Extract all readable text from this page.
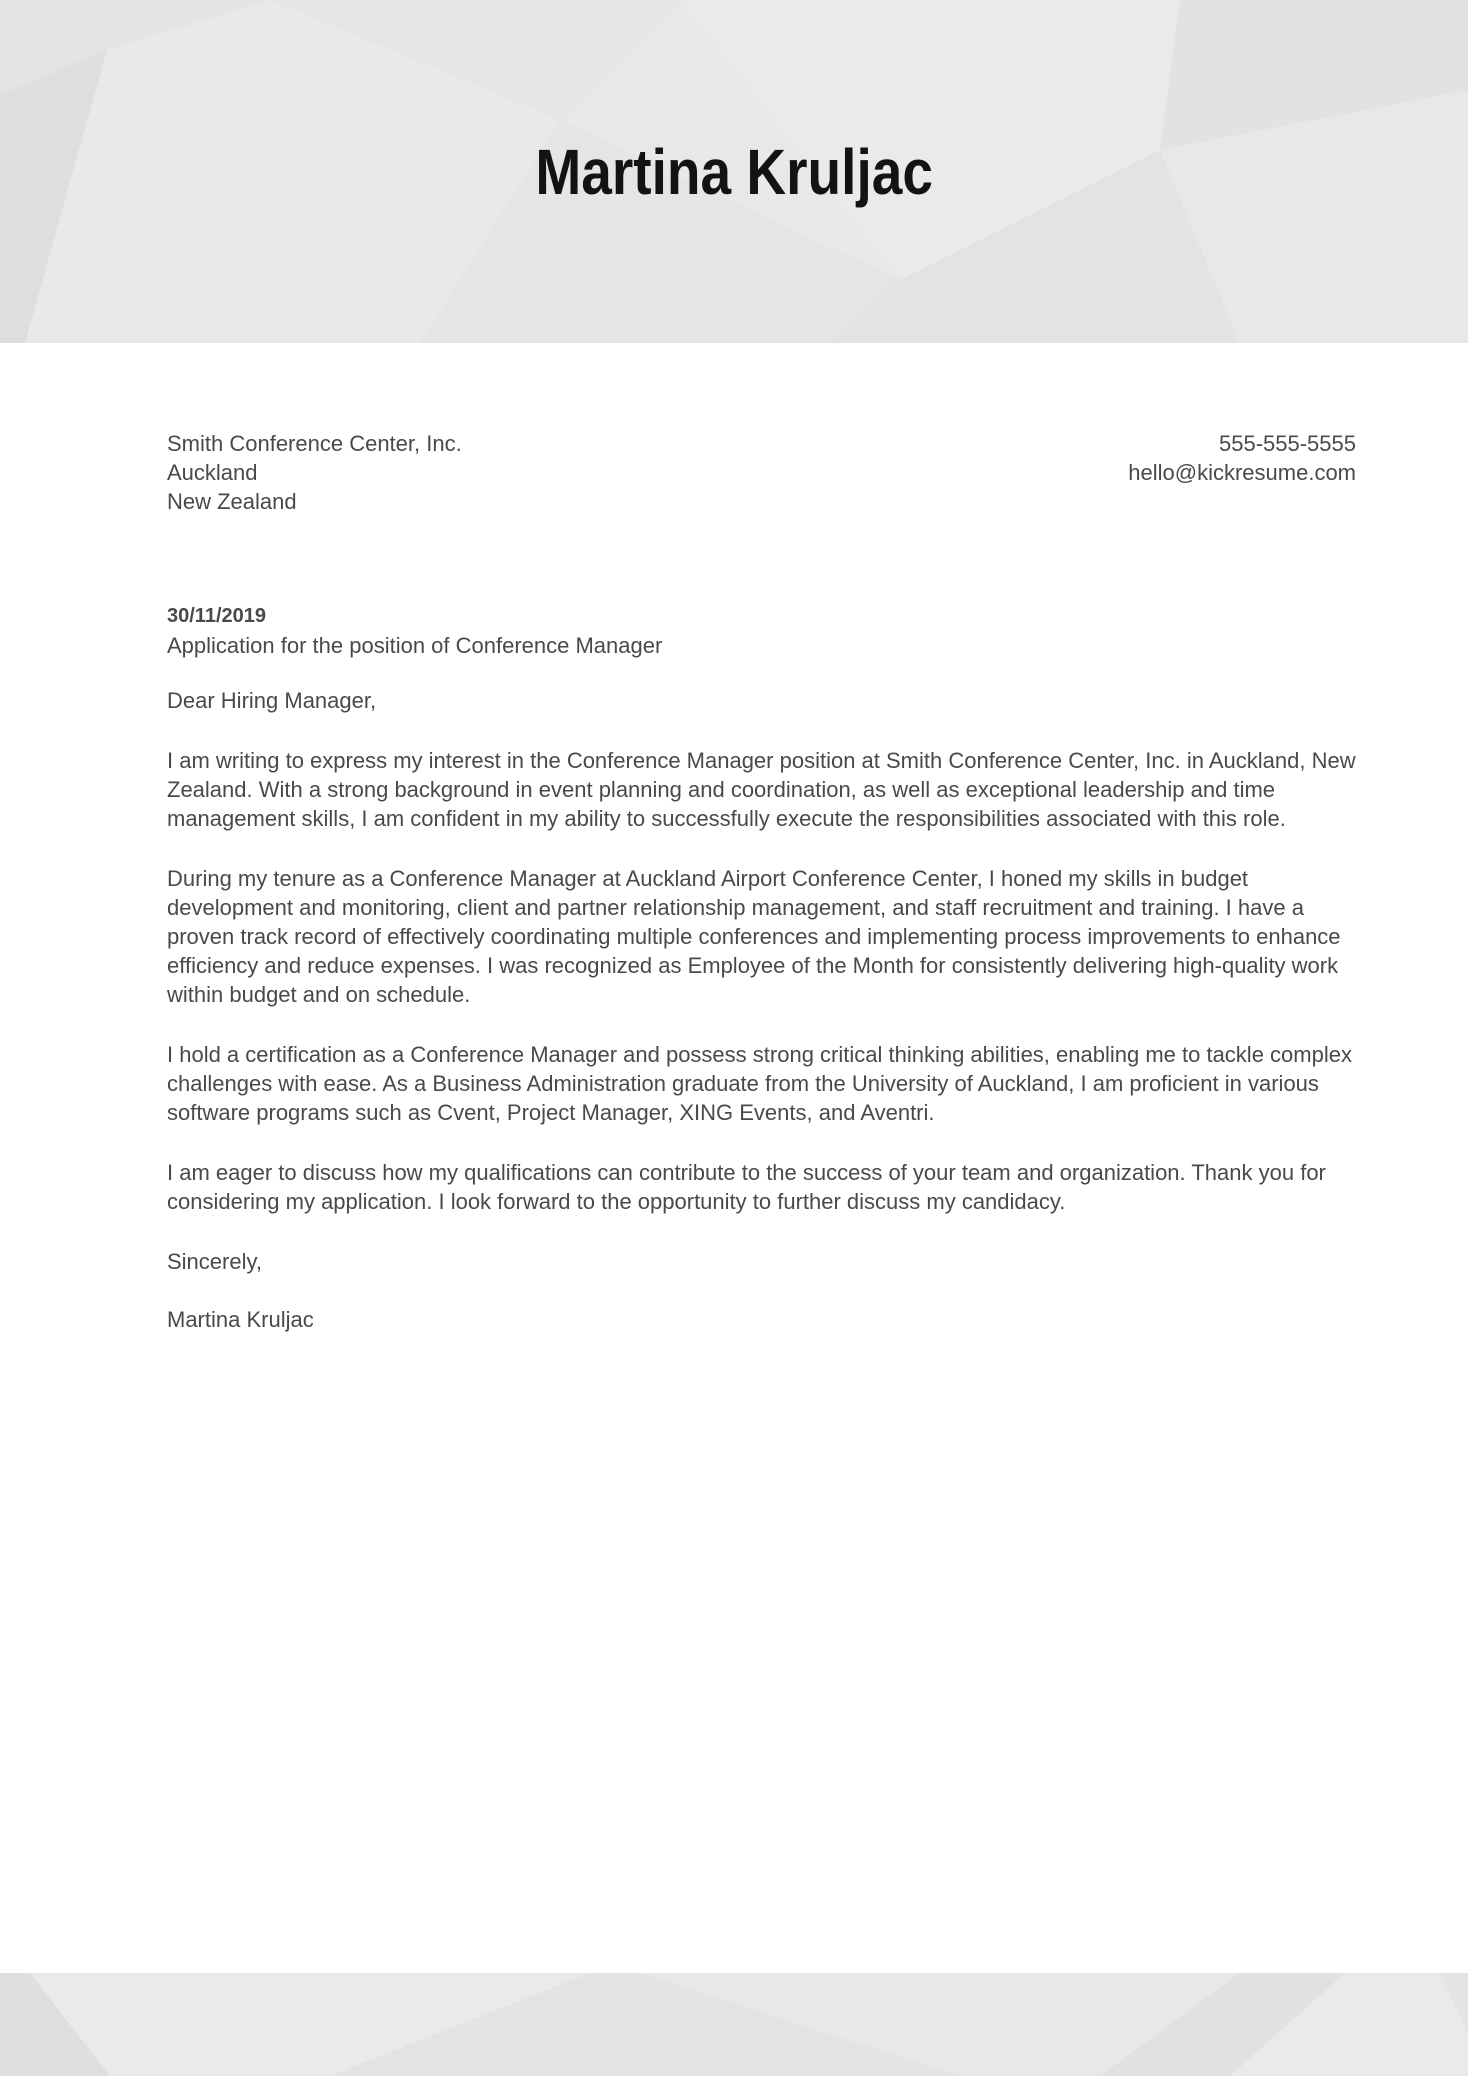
Martina Kruljac
Smith Conference Center, Inc.
Auckland
New Zealand
555-555-5555
hello@kickresume.com
30/11/2019
Application for the position of Conference Manager

Dear Hiring Manager,

I am writing to express my interest in the Conference Manager position at Smith Conference Center, Inc. in Auckland, New Zealand. With a strong background in event planning and coordination, as well as exceptional leadership and time management skills, I am confident in my ability to successfully execute the responsibilities associated with this role.

During my tenure as a Conference Manager at Auckland Airport Conference Center, I honed my skills in budget development and monitoring, client and partner relationship management, and staff recruitment and training. I have a proven track record of effectively coordinating multiple conferences and implementing process improvements to enhance efficiency and reduce expenses. I was recognized as Employee of the Month for consistently delivering high-quality work within budget and on schedule.

I hold a certification as a Conference Manager and possess strong critical thinking abilities, enabling me to tackle complex challenges with ease. As a Business Administration graduate from the University of Auckland, I am proficient in various software programs such as Cvent, Project Manager, XING Events, and Aventri.

I am eager to discuss how my qualifications can contribute to the success of your team and organization. Thank you for considering my application. I look forward to the opportunity to further discuss my candidacy.

Sincerely,

Martina Kruljac
